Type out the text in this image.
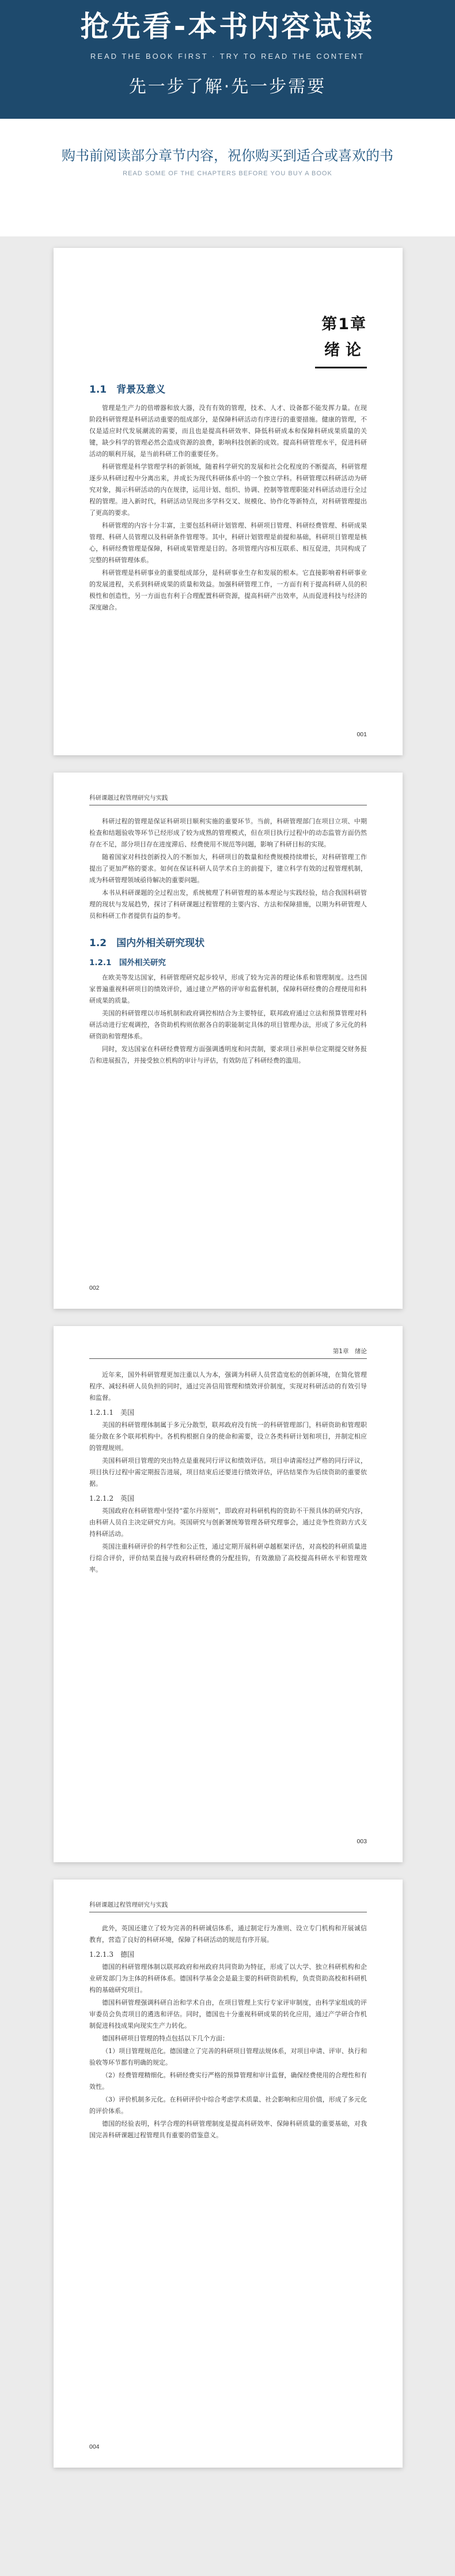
抢先看-本书内容试读
READ THE BOOK FIRST · TRY TO READ THE CONTENT
先一步了解·先一步需要
购书前阅读部分章节内容，祝你购买到适合或喜欢的书
READ SOME OF THE CHAPTERS BEFORE YOU BUY A BOOK
第1章
绪论
1.1　背景及意义

管理是生产力的倍增器和放大器，没有有效的管理，技术、人才、设备都不能发挥力量。在现阶段科研管理是科研活动重要的组成部分，是保障科研活动有序进行的重要措施。健康的管理，不仅是适应时代发展潮流的需要，而且也是提高科研效率、降低科研成本和保障科研成果质量的关键，缺少科学的管理必然会造成资源的浪费，影响科技创新的成效。提高科研管理水平，促进科研活动的顺利开展，是当前科研工作的重要任务。

科研管理是科学管理学科的新领域，随着科学研究的发展和社会化程度的不断提高，科研管理逐步从科研过程中分离出来，并成长为现代科研体系中的一个独立学科。科研管理以科研活动为研究对象，揭示科研活动的内在规律，运用计划、组织、协调、控制等管理职能对科研活动进行全过程的管理。进入新时代，科研活动呈现出多学科交叉、规模化、协作化等新特点，对科研管理提出了更高的要求。

科研管理的内容十分丰富，主要包括科研计划管理、科研项目管理、科研经费管理、科研成果管理、科研人员管理以及科研条件管理等。其中，科研计划管理是前提和基础，科研项目管理是核心，科研经费管理是保障，科研成果管理是目的。各项管理内容相互联系、相互促进，共同构成了完整的科研管理体系。

科研管理是科研事业的重要组成部分，是科研事业生存和发展的根本。它直接影响着科研事业的发展进程，关系到科研成果的质量和效益。加强科研管理工作，一方面有利于提高科研人员的积极性和创造性，另一方面也有利于合理配置科研资源，提高科研产出效率，从而促进科技与经济的深度融合。

001
科研课题过程管理研究与实践

科研过程的管理是保证科研项目顺利实施的重要环节。当前，科研管理部门在项目立项、中期检查和结题验收等环节已经形成了较为成熟的管理模式，但在项目执行过程中的动态监管方面仍然存在不足，部分项目存在进度滞后、经费使用不规范等问题，影响了科研目标的实现。

随着国家对科技创新投入的不断加大，科研项目的数量和经费规模持续增长，对科研管理工作提出了更加严格的要求。如何在保证科研人员学术自主的前提下，建立科学有效的过程管理机制，成为科研管理领域亟待解决的重要问题。

本书从科研课题的全过程出发，系统梳理了科研管理的基本理论与实践经验，结合我国科研管理的现状与发展趋势，探讨了科研课题过程管理的主要内容、方法和保障措施，以期为科研管理人员和科研工作者提供有益的参考。

1.2　国内外相关研究现状
1.2.1　国外相关研究

在欧美等发达国家，科研管理研究起步较早，形成了较为完善的理论体系和管理制度。这些国家普遍重视科研项目的绩效评价，通过建立严格的评审和监督机制，保障科研经费的合理使用和科研成果的质量。

美国的科研管理以市场机制和政府调控相结合为主要特征，联邦政府通过立法和预算管理对科研活动进行宏观调控，各资助机构则依据各自的职能制定具体的项目管理办法，形成了多元化的科研资助和管理体系。

同时，发达国家在科研经费管理方面强调透明度和问责制，要求项目承担单位定期提交财务报告和进展报告，并接受独立机构的审计与评估，有效防范了科研经费的滥用。

002
第1章　绪论

近年来，国外科研管理更加注重以人为本，强调为科研人员营造宽松的创新环境，在简化管理程序、减轻科研人员负担的同时，通过完善信用管理和绩效评价制度，实现对科研活动的有效引导和监督。

1.2.1.1　美国

美国的科研管理体制属于多元分散型，联邦政府没有统一的科研管理部门，科研资助和管理职能分散在多个联邦机构中。各机构根据自身的使命和需要，设立各类科研计划和项目，并制定相应的管理规则。

美国科研项目管理的突出特点是重视同行评议和绩效评估。项目申请需经过严格的同行评议，项目执行过程中需定期报告进展，项目结束后还要进行绩效评估，评估结果作为后续资助的重要依据。

1.2.1.2　英国

英国政府在科研管理中坚持“霍尔丹原则”，即政府对科研机构的资助不干预具体的研究内容，由科研人员自主决定研究方向。英国研究与创新署统筹管理各研究理事会，通过竞争性资助方式支持科研活动。

英国注重科研评价的科学性和公正性，通过定期开展科研卓越框架评估，对高校的科研质量进行综合评价，评价结果直接与政府科研经费的分配挂钩，有效激励了高校提高科研水平和管理效率。

003
科研课题过程管理研究与实践

此外，英国还建立了较为完善的科研诚信体系，通过制定行为准则、设立专门机构和开展诚信教育，营造了良好的科研环境，保障了科研活动的规范有序开展。

1.2.1.3　德国

德国的科研管理体制以联邦政府和州政府共同资助为特征，形成了以大学、独立科研机构和企业研发部门为主体的科研体系。德国科学基金会是最主要的科研资助机构，负责资助高校和科研机构的基础研究项目。

德国科研管理强调科研自治和学术自由，在项目管理上实行专家评审制度，由科学家组成的评审委员会负责项目的遴选和评估。同时，德国也十分重视科研成果的转化应用，通过产学研合作机制促进科技成果向现实生产力转化。

德国科研项目管理的特点包括以下几个方面：

（1）项目管理规范化。德国建立了完善的科研项目管理法规体系，对项目申请、评审、执行和验收等环节都有明确的规定。

（2）经费管理精细化。科研经费实行严格的预算管理和审计监督，确保经费使用的合理性和有效性。

（3）评价机制多元化。在科研评价中综合考虑学术质量、社会影响和应用价值，形成了多元化的评价体系。

德国的经验表明，科学合理的科研管理制度是提高科研效率、保障科研质量的重要基础，对我国完善科研课题过程管理具有重要的借鉴意义。

004
